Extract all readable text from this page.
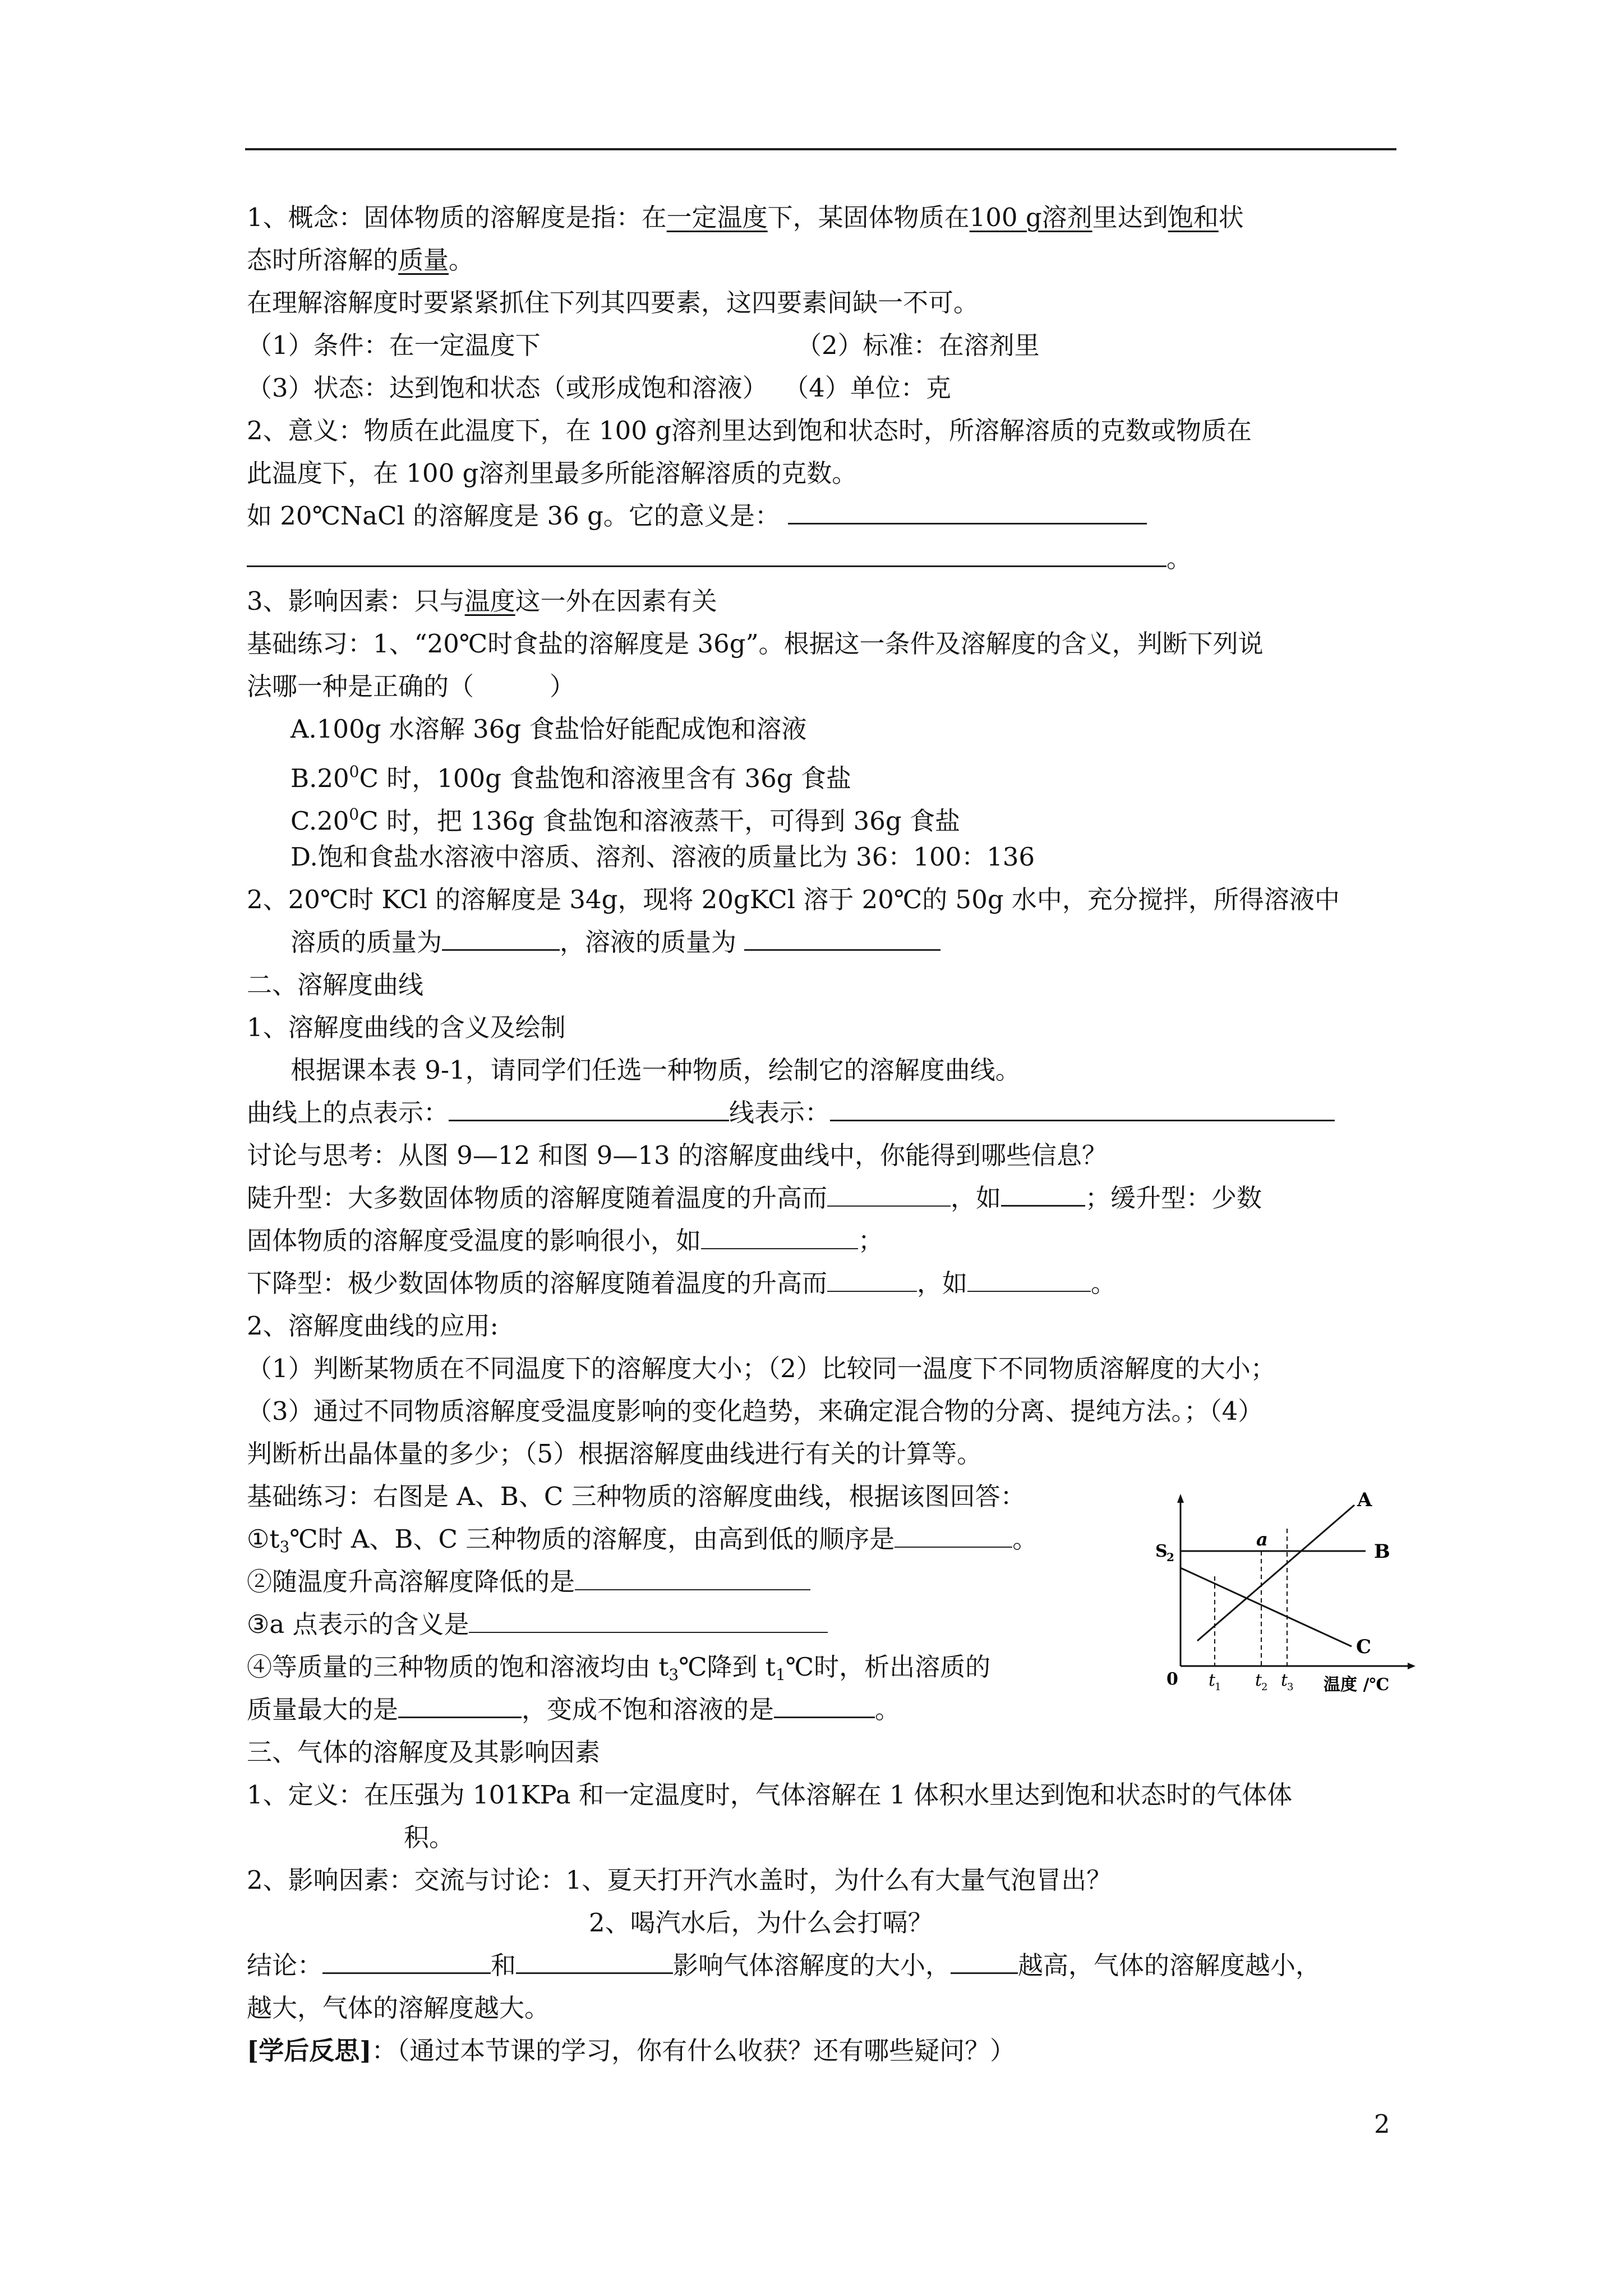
1、概念：固体物质的溶解度是指：在一定温度下，某固体物质在100 g溶剂里达到饱和状
态时所溶解的质量。
在理解溶解度时要紧紧抓住下列其四要素，这四要素间缺一不可。
（1）条件：在一定温度下	（2）标准：在溶剂里
（3）状态：达到饱和状态（或形成饱和溶液） （4）单位：克
2、意义：物质在此温度下，在 100 g溶剂里达到饱和状态时，所溶解溶质的克数或物质在
此温度下，在 100 g溶剂里最多所能溶解溶质的克数。
如 20℃NaCl 的溶解度是 36 g。它的意义是：
。
3、影响因素：只与温度这一外在因素有关
基础练习：1、“20℃时食盐的溶解度是 36g”。根据这一条件及溶解度的含义，判断下列说
法哪一种是正确的（　　　）
A.100g 水溶解 36g 食盐恰好能配成饱和溶液
$B.20^0C$ 时，100g 食盐饱和溶液里含有 36g 食盐
$C.20^0C$ 时，把 136g 食盐饱和溶液蒸干，可得到 36g 食盐
D.饱和食盐水溶液中溶质、溶剂、溶液的质量比为 36：100：136
2、20℃时 KCl 的溶解度是 34g，现将 20gKCl 溶于 20℃的 50g 水中，充分搅拌，所得溶液中
溶质的质量为	，溶液的质量为
二、溶解度曲线
1、溶解度曲线的含义及绘制
根据课本表 9-1，请同学们任选一种物质，绘制它的溶解度曲线。
曲线上的点表示：	线表示：
讨论与思考：从图 9—12 和图 9—13 的溶解度曲线中，你能得到哪些信息？
陡升型：大多数固体物质的溶解度随着温度的升高而	，如	；缓升型：少数
固体物质的溶解度受温度的影响很小，如	；
下降型：极少数固体物质的溶解度随着温度的升高而	，如	。
2、溶解度曲线的应用:
（1）判断某物质在不同温度下的溶解度大小；（2）比较同一温度下不同物质溶解度的大小；
（3）通过不同物质溶解度受温度影响的变化趋势，来确定混合物的分离、提纯方法。；（4）
判断析出晶体量的多少；（5）根据溶解度曲线进行有关的计算等。
基础练习：右图是 A、B、C 三种物质的溶解度曲线，根据该图回答：
$①t_3℃$时 A、B、C 三种物质的溶解度，由高到低的顺序是	。
②随温度升高溶解度降低的是
③a 点表示的含义是
④等质量的三种物质的饱和溶液均由 $t_3℃$降到 $t_1℃$时，析出溶质的
质量最大的是	，变成不饱和溶液的是	。
三、气体的溶解度及其影响因素
1、定义：在压强为 101KPa 和一定温度时，气体溶解在 1 体积水里达到饱和状态时的气体体
积。
2、影响因素：交流与讨论：1、夏天打开汽水盖时，为什么有大量气泡冒出？
2、喝汽水后，为什么会打嗝？
结论：	和	影响气体溶解度的大小，	越高，气体的溶解度越小，
越大，气体的溶解度越大。
[学后反思]：（通过本节课的学习，你有什么收获？还有哪些疑问？）
A
B
C
a
S
2
0 t
1 t
2 t
3 温度 /℃
2
